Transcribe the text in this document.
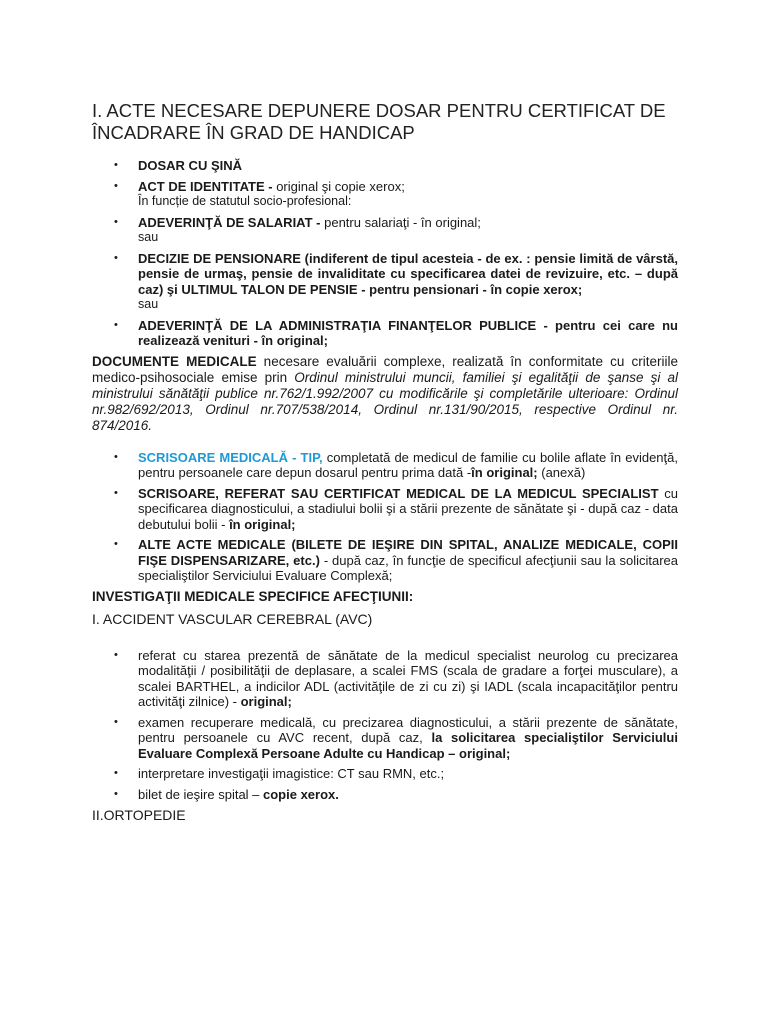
I. ACTE NECESARE DEPUNERE DOSAR PENTRU CERTIFICAT DE ÎNCADRARE ÎN GRAD DE HANDICAP
• DOSAR CU ŞINĂ
• ACT DE IDENTITATE - original şi copie xerox;
În funcție de statutul socio-profesional:
• ADEVERINŢĂ DE SALARIAT - pentru salariaţi - în original;
sau
• DECIZIE DE PENSIONARE (indiferent de tipul acesteia - de ex. : pensie limită de vârstă, pensie de urmaş, pensie de invaliditate cu specificarea datei de revizuire, etc. – după caz) şi ULTIMUL TALON DE PENSIE - pentru pensionari - în copie xerox;
sau
• ADEVERINŢĂ DE LA ADMINISTRAŢIA FINANŢELOR PUBLICE - pentru cei care nu realizează venituri - în original;

DOCUMENTE MEDICALE necesare evaluării complexe, realizată în conformitate cu criteriile medico-psihosociale emise prin Ordinul ministrului muncii, familiei şi egalităţii de şanse şi al ministrului sănătăţii publice nr.762/1.992/2007 cu modificările şi completările ulterioare: Ordinul nr.982/692/2013, Ordinul nr.707/538/2014, Ordinul nr.131/90/2015, respective Ordinul nr. 874/2016.

• SCRISOARE MEDICALĂ - TIP, completată de medicul de familie cu bolile aflate în evidenţă, pentru persoanele care depun dosarul pentru prima dată -în original; (anexă)
• SCRISOARE, REFERAT SAU CERTIFICAT MEDICAL DE LA MEDICUL SPECIALIST cu specificarea diagnosticului, a stadiului bolii şi a stării prezente de sănătate şi - după caz - data debutului bolii - în original;
• ALTE ACTE MEDICALE (BILETE DE IEŞIRE DIN SPITAL, ANALIZE MEDICALE, COPII FIŞE DISPENSARIZARE, etc.) - după caz, în funcţie de specificul afecţiunii sau la solicitarea specialiştilor Serviciului Evaluare Complexă;
INVESTIGAŢII MEDICALE SPECIFICE AFECŢIUNII:
I. ACCIDENT VASCULAR CEREBRAL (AVC)
• referat cu starea prezentă de sănătate de la medicul specialist neurolog cu precizarea modalităţii / posibilităţii de deplasare, a scalei FMS (scala de gradare a forţei musculare), a scalei BARTHEL, a indicilor ADL (activităţile de zi cu zi) şi IADL (scala incapacităţilor pentru activităţi zilnice) - original;
• examen recuperare medicală, cu precizarea diagnosticului, a stării prezente de sănătate, pentru persoanele cu AVC recent, după caz, la solicitarea specialiştilor Serviciului Evaluare Complexă Persoane Adulte cu Handicap – original;
• interpretare investigaţii imagistice: CT sau RMN, etc.;
• bilet de ieşire spital – copie xerox.
II.ORTOPEDIE
